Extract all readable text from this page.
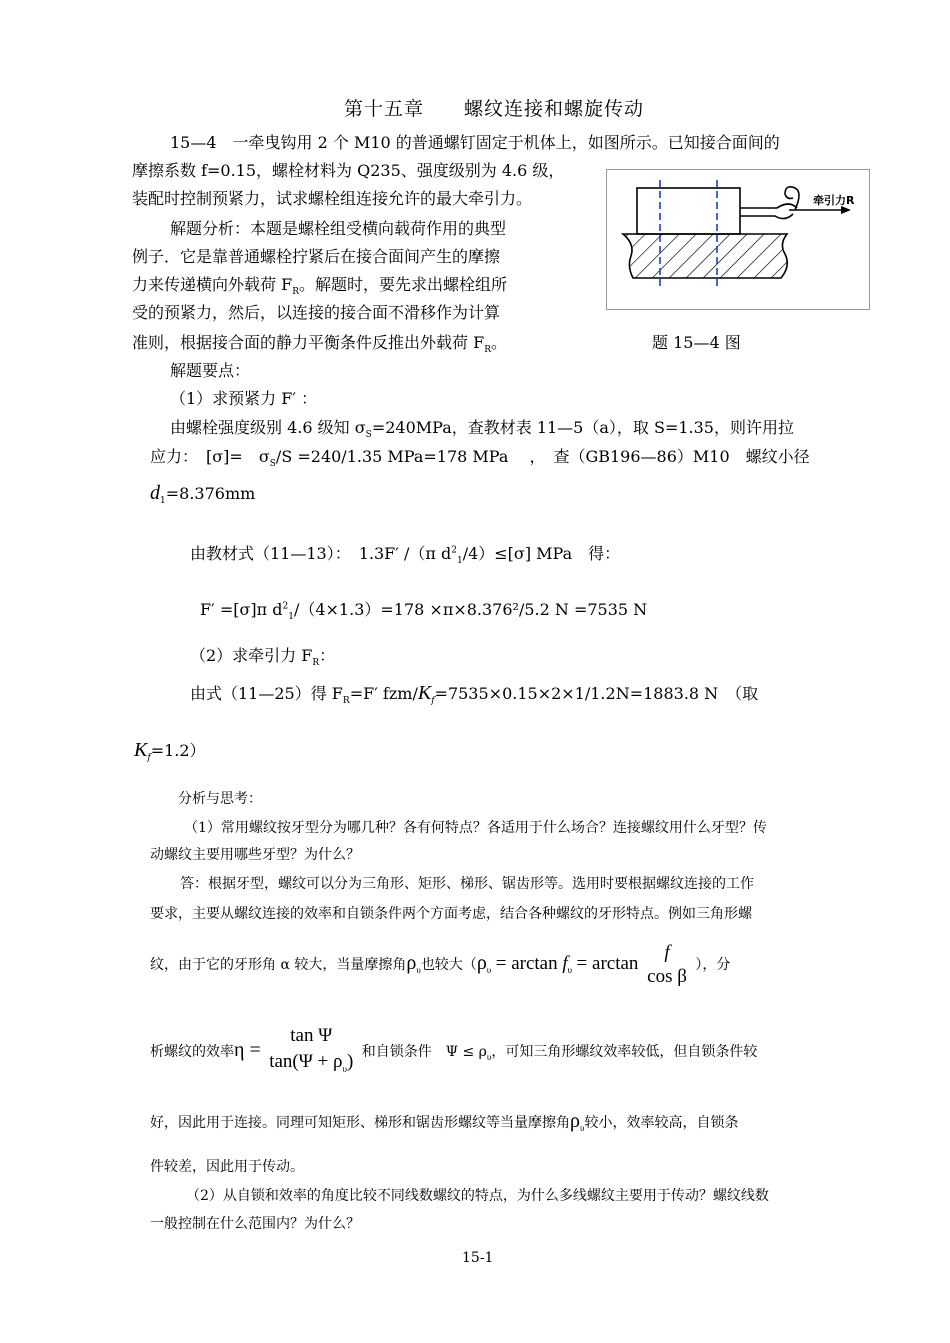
第十五章　　螺纹连接和螺旋传动
15—4　一牵曳钩用 2 个 M10 的普通螺钉固定于机体上，如图所示。已知接合面间的
摩擦系数 f=0.15，螺栓材料为 Q235、强度级别为 4.6 级，
装配时控制预紧力，试求螺栓组连接允许的最大牵引力。
解题分析：本题是螺栓组受横向载荷作用的典型
例子．它是靠普通螺栓拧紧后在接合面间产生的摩擦
力来传递横向外载荷 $F_R$。解题时，要先求出螺栓组所
受的预紧力，然后，以连接的接合面不滑移作为计算
准则，根据接合面的静力平衡条件反推出外载荷 $F_R$。
牵引力R
题 15—4 图
解题要点：
（1）求预紧力 F′ ：
由螺栓强度级别 4.6 级知 $\sigma_S=240MPa$，查教材表 11—5（a），取 S=1.35，则许用拉
应力：　[σ]=　$\sigma_S/S =240/1.35$ MPa=178 MPa　 ，　查（GB196—86）M10　螺纹小径
$d_1=8.376mm$
由教材式（11—13）：　1.3F′ /（π $d^2_1/4)\le[\sigma]$ MPa　得：
F′ =[σ]π $d^2_1/(4\times 1.3)=178 \times\pi\times 8.376^2/5.2$ N =7535 N
（2）求牵引力 $F_R$：
由式（11—25）得 $F_R=F'$ fzm/$K_f=7535\times 0.15\times 2\times 1/1.2N=1883.8$ N　（取
$K_f=1.2$）
分析与思考：
（1）常用螺纹按牙型分为哪几种？各有何特点？各适用于什么场合？连接螺纹用什么牙型？传
动螺纹主要用哪些牙型？为什么？
答：根据牙型，螺纹可以分为三角形、矩形、梯形、锯齿形等。选用时要根据螺纹连接的工作
要求，主要从螺纹连接的效率和自锁条件两个方面考虑，结合各种螺纹的牙形特点。例如三角形螺
纹，由于它的牙形角 α 较大，当量摩擦角$\rho_\upsilon$也较大（$\rho_\upsilon = \arctan f_\upsilon = \arctan$
f
cos β
），分
析螺纹的效率η =
tan Ψ
$\tan(\Psi + \rho_\upsilon)$ 和自锁条件　$\Psi \le \rho_\upsilon$，可知三角形螺纹效率较低，但自锁条件较
好，因此用于连接。同理可知矩形、梯形和锯齿形螺纹等当量摩擦角$\rho_\upsilon$较小，效率较高，自锁条
件较差，因此用于传动。
（2）从自锁和效率的角度比较不同线数螺纹的特点，为什么多线螺纹主要用于传动？螺纹线数
一般控制在什么范围内？为什么？
15-1
